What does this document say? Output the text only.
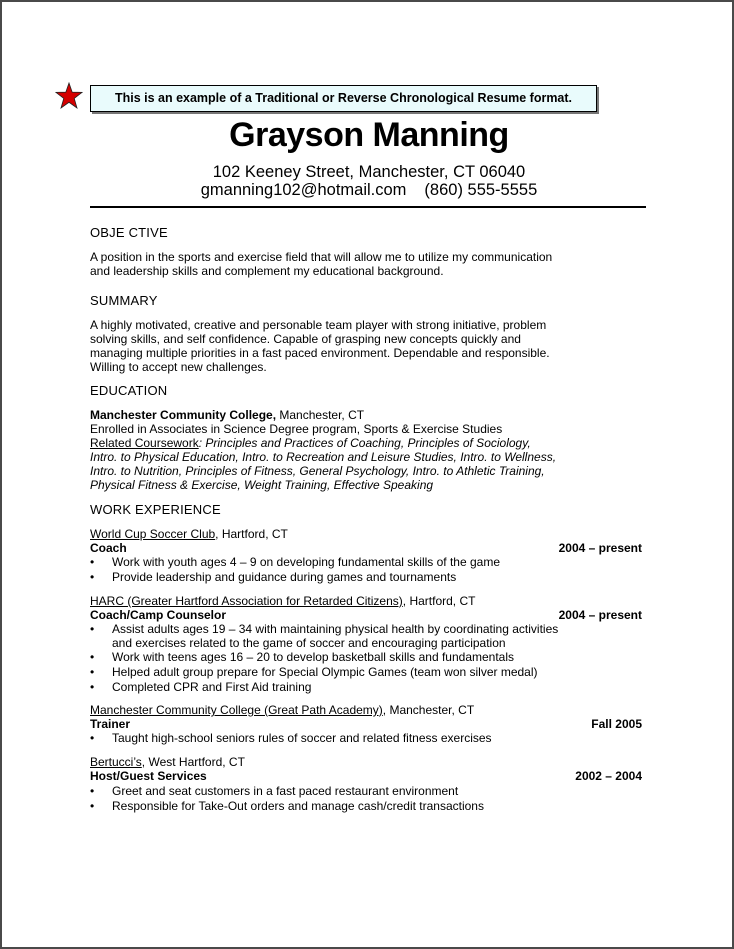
This is an example of a Traditional or Reverse Chronological Resume format.
Grayson Manning
102 Keeney Street, Manchester, CT 06040
gmanning102@hotmail.com (860) 555-5555
OBJE CTIVE
A position in the sports and exercise field that will allow me to utilize my communication
and leadership skills and complement my educational background.
SUMMARY
A highly motivated, creative and personable team player with strong initiative, problem
solving skills, and self confidence. Capable of grasping new concepts quickly and
managing multiple priorities in a fast paced environment. Dependable and responsible.
Willing to accept new challenges.
EDUCATION
Manchester Community College, Manchester, CT
Enrolled in Associates in Science Degree program, Sports & Exercise Studies
Related Coursework: Principles and Practices of Coaching, Principles of Sociology,
Intro. to Physical Education, Intro. to Recreation and Leisure Studies, Intro. to Wellness,
Intro. to Nutrition, Principles of Fitness, General Psychology, Intro. to Athletic Training,
Physical Fitness & Exercise, Weight Training, Effective Speaking
WORK EXPERIENCE
World Cup Soccer Club, Hartford, CT
Coach	2004 – present
• Work with youth ages 4 – 9 on developing fundamental skills of the game
• Provide leadership and guidance during games and tournaments
HARC (Greater Hartford Association for Retarded Citizens), Hartford, CT
Coach/Camp Counselor	2004 – present
• Assist adults ages 19 – 34 with maintaining physical health by coordinating activities
and exercises related to the game of soccer and encouraging participation
• Work with teens ages 16 – 20 to develop basketball skills and fundamentals
• Helped adult group prepare for Special Olympic Games (team won silver medal)
• Completed CPR and First Aid training
Manchester Community College (Great Path Academy), Manchester, CT
Trainer	Fall 2005
• Taught high-school seniors rules of soccer and related fitness exercises
Bertucci’s, West Hartford, CT
Host/Guest Services	2002 – 2004
• Greet and seat customers in a fast paced restaurant environment
• Responsible for Take-Out orders and manage cash/credit transactions
